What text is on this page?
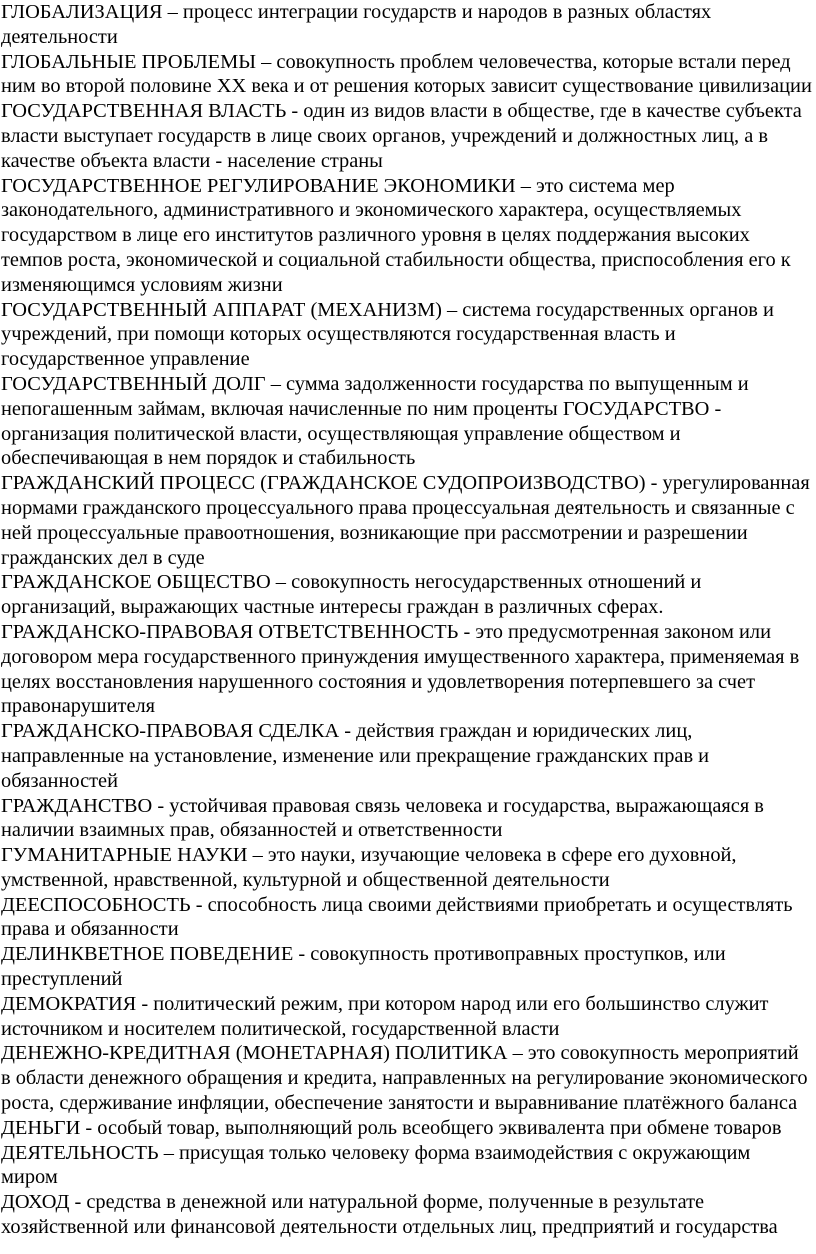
ГЛОБАЛИЗАЦИЯ – процесс интеграции государств и народов в разных областях деятельности

ГЛОБАЛЬНЫЕ ПРОБЛЕМЫ – совокупность проблем человечества, которые встали перед ним во второй половине ХХ века и от решения которых зависит существование цивилизации

ГОСУДАРСТВЕННАЯ ВЛАСТЬ - один из видов власти в обществе, где в качестве субъекта власти выступает государств в лице своих органов, учреждений и должностных лиц, а в качестве объекта власти - население страны

ГОСУДАРСТВЕННОЕ РЕГУЛИРОВАНИЕ ЭКОНОМИКИ – это система мер законодательного, административного и экономического характера, осуществляемых государством в лице его институтов различного уровня в целях поддержания высоких темпов роста, экономической и социальной стабильности общества, приспособления его к изменяющимся условиям жизни

ГОСУДАРСТВЕННЫЙ АППАРАТ (МЕХАНИЗМ) – система государственных органов и учреждений, при помощи которых осуществляются государственная власть и государственное управление

ГОСУДАРСТВЕННЫЙ ДОЛГ – сумма задолженности государства по выпущенным и непогашенным займам, включая начисленные по ним проценты ГОСУДАРСТВО - организация политической власти, осуществляющая управление обществом и обеспечивающая в нем порядок и стабильность

ГРАЖДАНСКИЙ ПРОЦЕСС (ГРАЖДАНСКОЕ СУДОПРОИЗВОДСТВО) - урегулированная нормами гражданского процессуального права процессуальная деятельность и связанные с ней процессуальные правоотношения, возникающие при рассмотрении и разрешении гражданских дел в суде

ГРАЖДАНСКОЕ ОБЩЕСТВО – совокупность негосударственных отношений и организаций, выражающих частные интересы граждан в различных сферах.

ГРАЖДАНСКО-ПРАВОВАЯ ОТВЕТСТВЕННОСТЬ - это предусмотренная законом или договором мера государственного принуждения имущественного характера, применяемая в целях восстановления нарушенного состояния и удовлетворения потерпевшего за счет правонарушителя

ГРАЖДАНСКО-ПРАВОВАЯ СДЕЛКА - действия граждан и юридических лиц, направленные на установление, изменение или прекращение гражданских прав и обязанностей

ГРАЖДАНСТВО - устойчивая правовая связь человека и государства, выражающаяся в наличии взаимных прав, обязанностей и ответственности

ГУМАНИТАРНЫЕ НАУКИ – это науки, изучающие человека в сфере его духовной, умственной, нравственной, культурной и общественной деятельности

ДЕЕСПОСОБНОСТЬ - способность лица своими действиями приобретать и осуществлять права и обязанности

ДЕЛИНКВЕТНОЕ ПОВЕДЕНИЕ - совокупность противоправных проступков, или преступлений

ДЕМОКРАТИЯ - политический режим, при котором народ или его большинство служит источником и носителем политической, государственной власти

ДЕНЕЖНО-КРЕДИТНАЯ (МОНЕТАРНАЯ) ПОЛИТИКА – это совокупность мероприятий в области денежного обращения и кредита, направленных на регулирование экономического роста, сдерживание инфляции, обеспечение занятости и выравнивание платёжного баланса

ДЕНЬГИ - особый товар, выполняющий роль всеобщего эквивалента при обмене товаров

ДЕЯТЕЛЬНОСТЬ – присущая только человеку форма взаимодействия с окружающим миром

ДОХОД - средства в денежной или натуральной форме, полученные в результате хозяйственной или финансовой деятельности отдельных лиц, предприятий и государства
